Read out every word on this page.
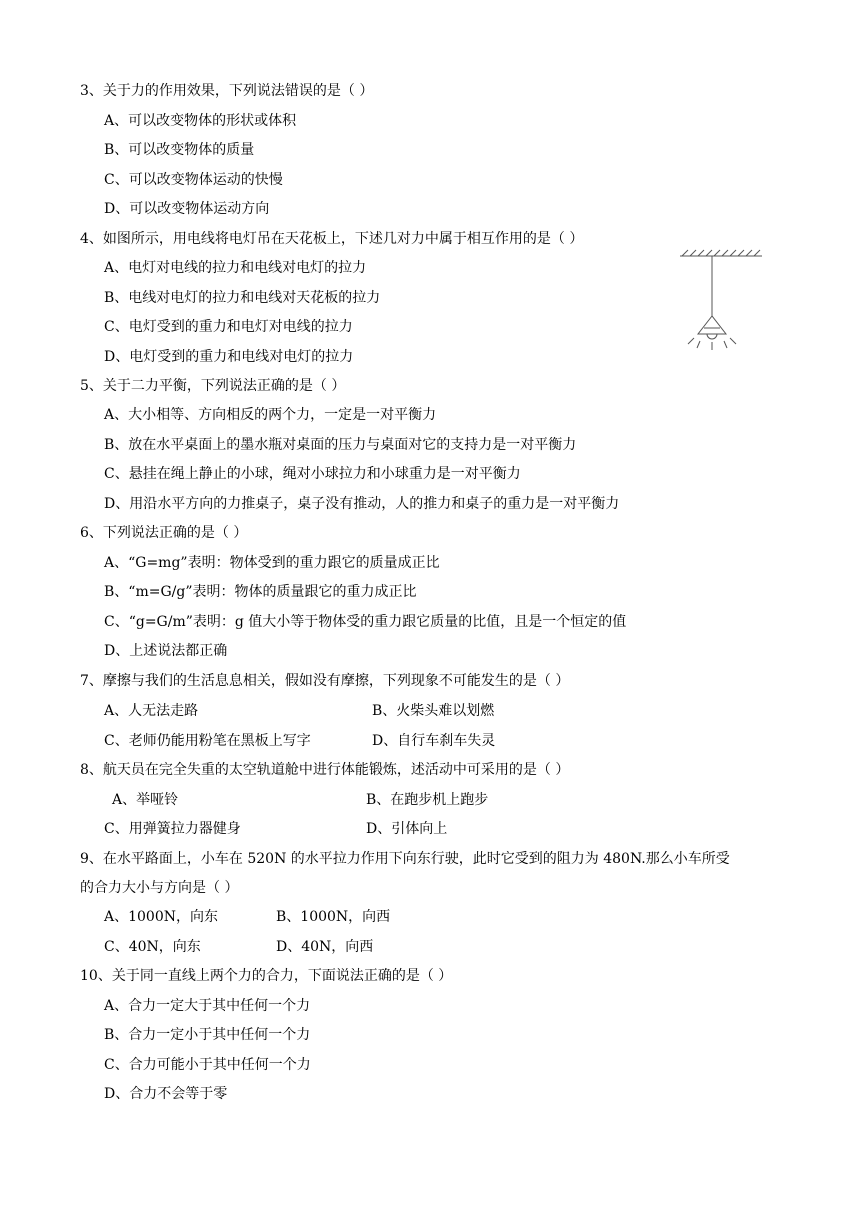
3、关于力的作用效果，下列说法错误的是（ ）
A、可以改变物体的形状或体积
B、可以改变物体的质量
C、可以改变物体运动的快慢
D、可以改变物体运动方向
4、如图所示，用电线将电灯吊在天花板上，下述几对力中属于相互作用的是（ ）
A、电灯对电线的拉力和电线对电灯的拉力
B、电线对电灯的拉力和电线对天花板的拉力
C、电灯受到的重力和电灯对电线的拉力
D、电灯受到的重力和电线对电灯的拉力
5、关于二力平衡，下列说法正确的是（ ）
A、大小相等、方向相反的两个力，一定是一对平衡力
B、放在水平桌面上的墨水瓶对桌面的压力与桌面对它的支持力是一对平衡力
C、悬挂在绳上静止的小球，绳对小球拉力和小球重力是一对平衡力
D、用沿水平方向的力推桌子，桌子没有推动，人的推力和桌子的重力是一对平衡力
6、下列说法正确的是（ ）
A、“G=mg”表明：物体受到的重力跟它的质量成正比
B、“m=G/g”表明：物体的质量跟它的重力成正比
C、“g=G/m”表明：g 值大小等于物体受的重力跟它质量的比值，且是一个恒定的值
D、上述说法都正确
7、摩擦与我们的生活息息相关，假如没有摩擦，下列现象不可能发生的是（ ）
A、人无法走路	B、火柴头难以划燃
C、老师仍能用粉笔在黑板上写字	D、自行车刹车失灵
8、航天员在完全失重的太空轨道舱中进行体能锻炼，述活动中可采用的是（ ）
A、举哑铃	B、在跑步机上跑步
C、用弹簧拉力器健身	D、引体向上
9、在水平路面上，小车在 520N 的水平拉力作用下向东行驶，此时它受到的阻力为 480N.那么小车所受
的合力大小与方向是（ ）
A、1000N，向东	B、1000N，向西
C、40N，向东	D、40N，向西
10、关于同一直线上两个力的合力，下面说法正确的是（ ）
A、合力一定大于其中任何一个力
B、合力一定小于其中任何一个力
C、合力可能小于其中任何一个力
D、合力不会等于零
